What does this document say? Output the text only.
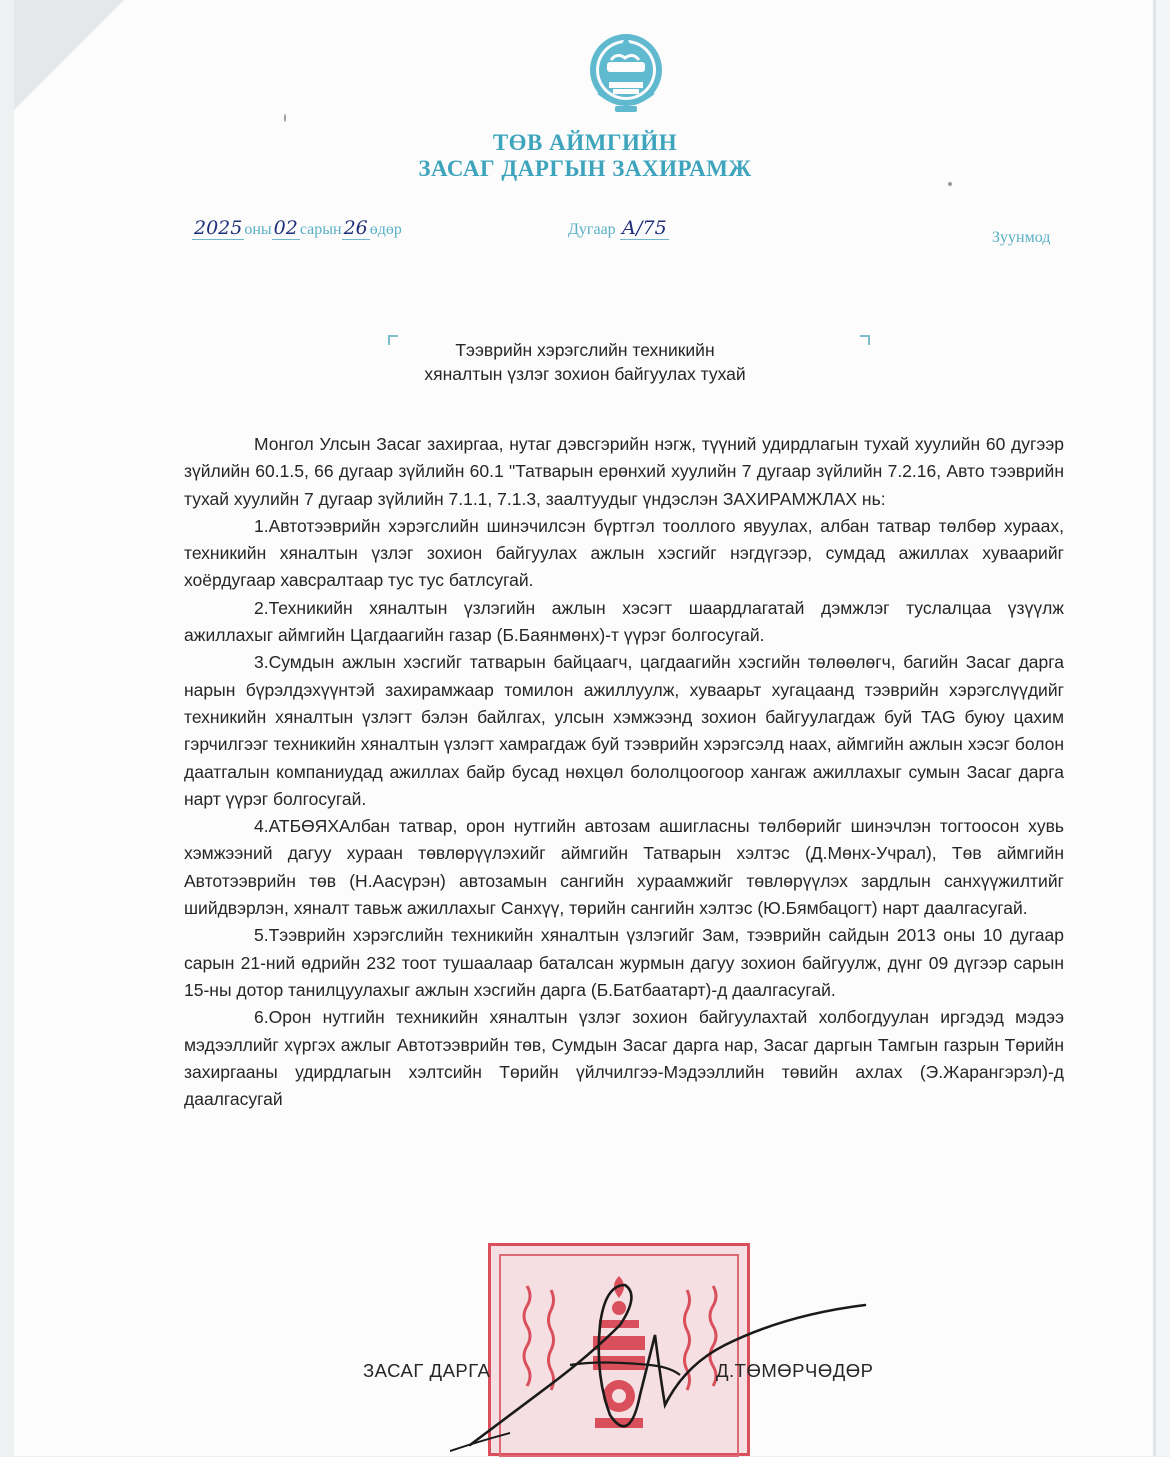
ТӨВ АЙМГИЙН
ЗАСАГ ДАРГЫН ЗАХИРАМЖ
2025 оны 02 сарын 26 өдөр	Дугаар А/75	Зуунмод
Тээврийн хэрэгслийн техникийн
хяналтын үзлэг зохион байгуулах тухай

Монгол Улсын Засаг захиргаа, нутаг дэвсгэрийн нэгж, түүний удирдлагын тухай хуулийн 60 дугээр зүйлийн 60.1.5, 66 дугаар зүйлийн 60.1 "Татварын ерөнхий хуулийн 7 дугаар зүйлийн 7.2.16, Авто тээврийн тухай хуулийн 7 дугаар зүйлийн 7.1.1, 7.1.3, заалтуудыг үндэслэн ЗАХИРАМЖЛАХ нь:

1.Автотээврийн хэрэгслийн шинэчилсэн бүртгэл тооллого явуулах, албан татвар төлбөр хураах, техникийн хяналтын үзлэг зохион байгуулах ажлын хэсгийг нэгдүгээр, сумдад ажиллах хуваарийг хоёрдугаар хавсралтаар тус тус батлсугай.

2.Техникийн хяналтын үзлэгийн ажлын хэсэгт шаардлагатай дэмжлэг туслалцаа үзүүлж ажиллахыг аймгийн Цагдаагийн газар (Б.Баянмөнх)-т үүрэг болгосугай.

3.Сумдын ажлын хэсгийг татварын байцаагч, цагдаагийн хэсгийн төлөөлөгч, багийн Засаг дарга нарын бүрэлдэхүүнтэй захирамжаар томилон ажиллуулж, хуваарьт хугацаанд тээврийн хэрэгслүүдийг техникийн хяналтын үзлэгт бэлэн байлгах, улсын хэмжээнд зохион байгуулагдаж буй TAG буюу цахим гэрчилгээг техникийн хяналтын үзлэгт хамрагдаж буй тээврийн хэрэгсэлд наах, аймгийн ажлын хэсэг болон даатгалын компаниудад ажиллах байр бусад нөхцөл бололцоогоор хангаж ажиллахыг сумын Засаг дарга нарт үүрэг болгосугай.

4.АТБӨЯХАлбан татвар, орон нутгийн автозам ашигласны төлбөрийг шинэчлэн тогтоосон хувь хэмжээний дагуу хураан төвлөрүүлэхийг аймгийн Татварын хэлтэс (Д.Мөнх-Учрал), Төв аймгийн Автотээврийн төв (Н.Аасүрэн) автозамын сангийн хураамжийг төвлөрүүлэх зардлын санхүүжилтийг шийдвэрлэн, хяналт тавьж ажиллахыг Санхүү, төрийн сангийн хэлтэс (Ю.Бямбацогт) нарт даалгасугай.

5.Тээврийн хэрэгслийн техникийн хяналтын үзлэгийг Зам, тээврийн сайдын 2013 оны 10 дугаар сарын 21-ний өдрийн 232 тоот тушаалаар баталсан журмын дагуу зохион байгуулж, дүнг 09 дүгээр сарын 15-ны дотор танилцуулахыг ажлын хэсгийн дарга (Б.Батбаатарт)-д даалгасугай.

6.Орон нутгийн техникийн хяналтын үзлэг зохион байгуулахтай холбогдуулан иргэдэд мэдээ мэдээллийг хүргэх ажлыг Автотээврийн төв, Сумдын Засаг дарга нар, Засаг даргын Тамгын газрын Төрийн захиргааны удирдлагын хэлтсийн Төрийн үйлчилгээ-Мэдээллийн төвийн ахлах (Э.Жарангэрэл)-д даалгасугай

ЗАСАГ ДАРГА	Д.ТӨМӨРЧӨДӨР
